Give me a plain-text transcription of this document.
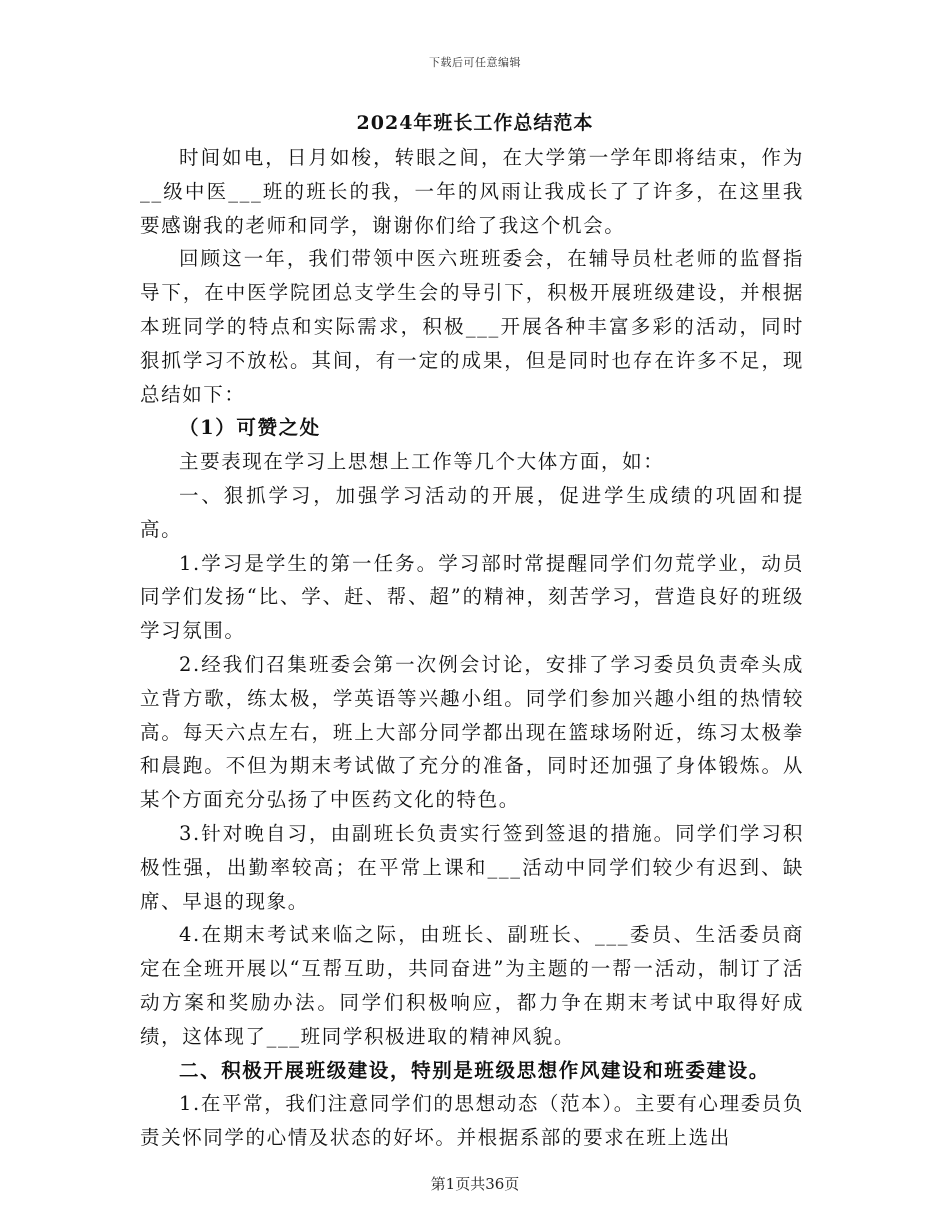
下载后可任意编辑
2024年班长工作总结范本

时间如电，日月如梭，转眼之间，在大学第一学年即将结束，作为__级中医___班的班长的我，一年的风雨让我成长了了许多，在这里我要感谢我的老师和同学，谢谢你们给了我这个机会。

回顾这一年，我们带领中医六班班委会，在辅导员杜老师的监督指导下，在中医学院团总支学生会的导引下，积极开展班级建设，并根据本班同学的特点和实际需求，积极___开展各种丰富多彩的活动，同时狠抓学习不放松。其间，有一定的成果，但是同时也存在许多不足，现总结如下：

（1）可赞之处

主要表现在学习上思想上工作等几个大体方面，如：

一、狠抓学习，加强学习活动的开展，促进学生成绩的巩固和提高。

1.学习是学生的第一任务。学习部时常提醒同学们勿荒学业，动员同学们发扬“比、学、赶、帮、超”的精神，刻苦学习，营造良好的班级学习氛围。

2.经我们召集班委会第一次例会讨论，安排了学习委员负责牵头成立背方歌，练太极，学英语等兴趣小组。同学们参加兴趣小组的热情较高。每天六点左右，班上大部分同学都出现在篮球场附近，练习太极拳和晨跑。不但为期末考试做了充分的准备，同时还加强了身体锻炼。从某个方面充分弘扬了中医药文化的特色。

3.针对晚自习，由副班长负责实行签到签退的措施。同学们学习积极性强，出勤率较高；在平常上课和___活动中同学们较少有迟到、缺席、早退的现象。

4.在期末考试来临之际，由班长、副班长、___委员、生活委员商定在全班开展以“互帮互助，共同奋进”为主题的一帮一活动，制订了活动方案和奖励办法。同学们积极响应，都力争在期末考试中取得好成绩，这体现了___班同学积极进取的精神风貌。

二、积极开展班级建设，特别是班级思想作风建设和班委建设。

1.在平常，我们注意同学们的思想动态（范本）。主要有心理委员负责关怀同学的心情及状态的好坏。并根据系部的要求在班上选出

第1页共36页
